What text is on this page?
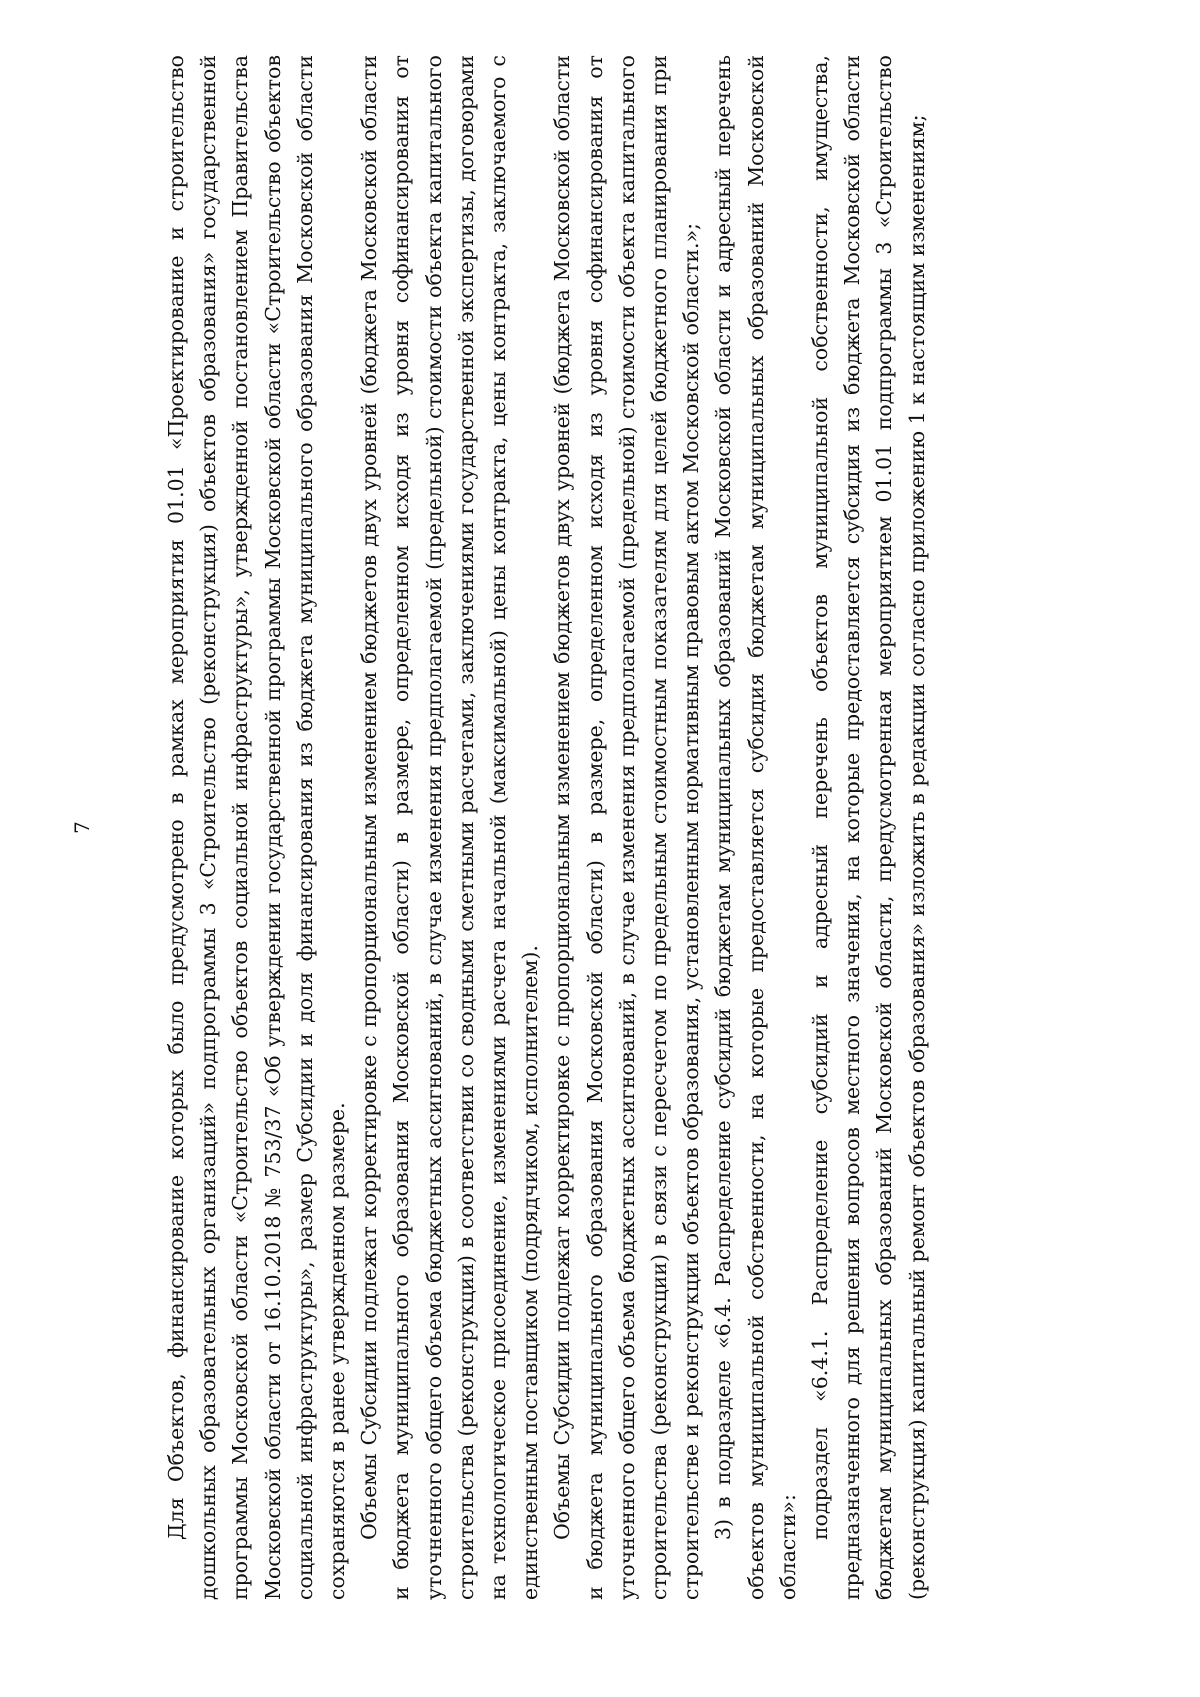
7	Для Объектов, финансирование которых было предусмотрено в рамках мероприятия 01.01 «Проектирование и строительство дошкольных образовательных организаций» подпрограммы 3 «Строительство (реконструкция) объектов образования» государственной программы Московской области «Строительство объектов социальной инфраструктуры», утвержденной постановлением Правительства Московской области от 16.10.2018 № 753/37 «Об утверждении государственной программы Московской области «Строительство объектов социальной инфраструктуры», размер Субсидии и доля финансирования из бюджета муниципального образования Московской области сохраняются в ранее утвержденном размере. Объемы Субсидии подлежат корректировке с пропорциональным изменением бюджетов двух уровней (бюджета Московской области и бюджета муниципального образования Московской области) в размере, определенном исходя из уровня софинансирования от уточненного общего объема бюджетных ассигнований, в случае изменения предполагаемой (предельной) стоимости объекта капитального строительства (реконструкции) в соответствии со сводными сметными расчетами, заключениями государственной экспертизы, договорами на технологическое присоединение, изменениями расчета начальной (максимальной) цены контракта, цены контракта, заключаемого с единственным поставщиком (подрядчиком, исполнителем). Объемы Субсидии подлежат корректировке с пропорциональным изменением бюджетов двух уровней (бюджета Московской области и бюджета муниципального образования Московской области) в размере, определенном исходя из уровня софинансирования от уточненного общего объема бюджетных ассигнований, в случае изменения предполагаемой (предельной) стоимости объекта капитального строительства (реконструкции) в связи с пересчетом по предельным стоимостным показателям для целей бюджетного планирования при строительстве и реконструкции объектов образования, установленным нормативным правовым актом Московской области.»; 3) в подразделе «6.4. Распределение субсидий бюджетам муниципальных образований Московской области и адресный перечень объектов муниципальной собственности, на которые предоставляется субсидия бюджетам муниципальных образований Московской области»:

подраздел «6.4.1. Распределение субсидий и адресный перечень объектов муниципальной собственности, имущества, предназначенного для решения вопросов местного значения, на которые предоставляется субсидия из бюджета Московской области бюджетам муниципальных образований Московской области, предусмотренная мероприятием 01.01 подпрограммы 3 «Строительство (реконструкция) капитальный ремонт объектов образования» изложить в редакции согласно приложению 1 к настоящим изменениям;
